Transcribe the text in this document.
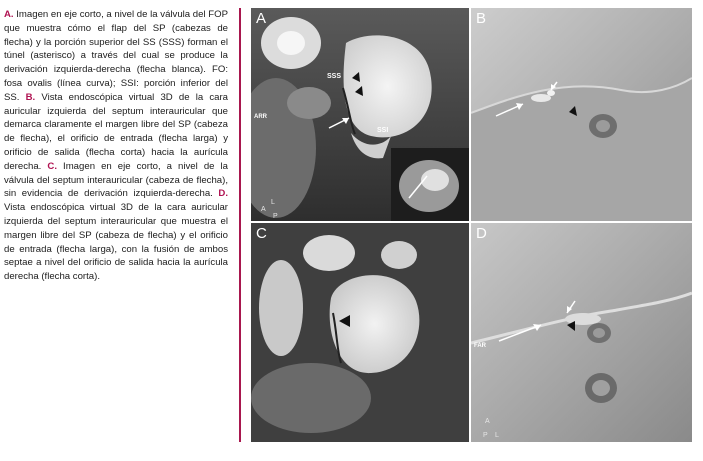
A. Imagen en eje corto, a nivel de la válvula del FOP que muestra cómo el flap del SP (cabezas de flecha) y la porción superior del SS (SSS) forman el túnel (asterisco) a través del cual se produce la derivación izquierda-derecha (flecha blanca). FO: fosa ovalis (línea curva); SSI: porción inferior del SS. B. Vista endoscópica virtual 3D de la cara auricular izquierda del septum interauricular que demarca claramente el margen libre del SP (cabeza de flecha), el orificio de entrada (flecha larga) y orificio de salida (flecha corta) hacia la aurícula derecha. C. Imagen en eje corto, a nivel de la válvula del septum interauricular (cabeza de flecha), sin evidencia de derivación izquierda-derecha. D. Vista endoscópica virtual 3D de la cara auricular izquierda del septum interauricular que muestra el margen libre del SP (cabeza de flecha) y el orificio de entrada (flecha larga), con la fusión de ambos septae a nivel del orificio de salida hacia la aurícula derecha (flecha corta).
SSS
SSI
ARR
A
L
P
A	B
C
FAR
A
P L
D
